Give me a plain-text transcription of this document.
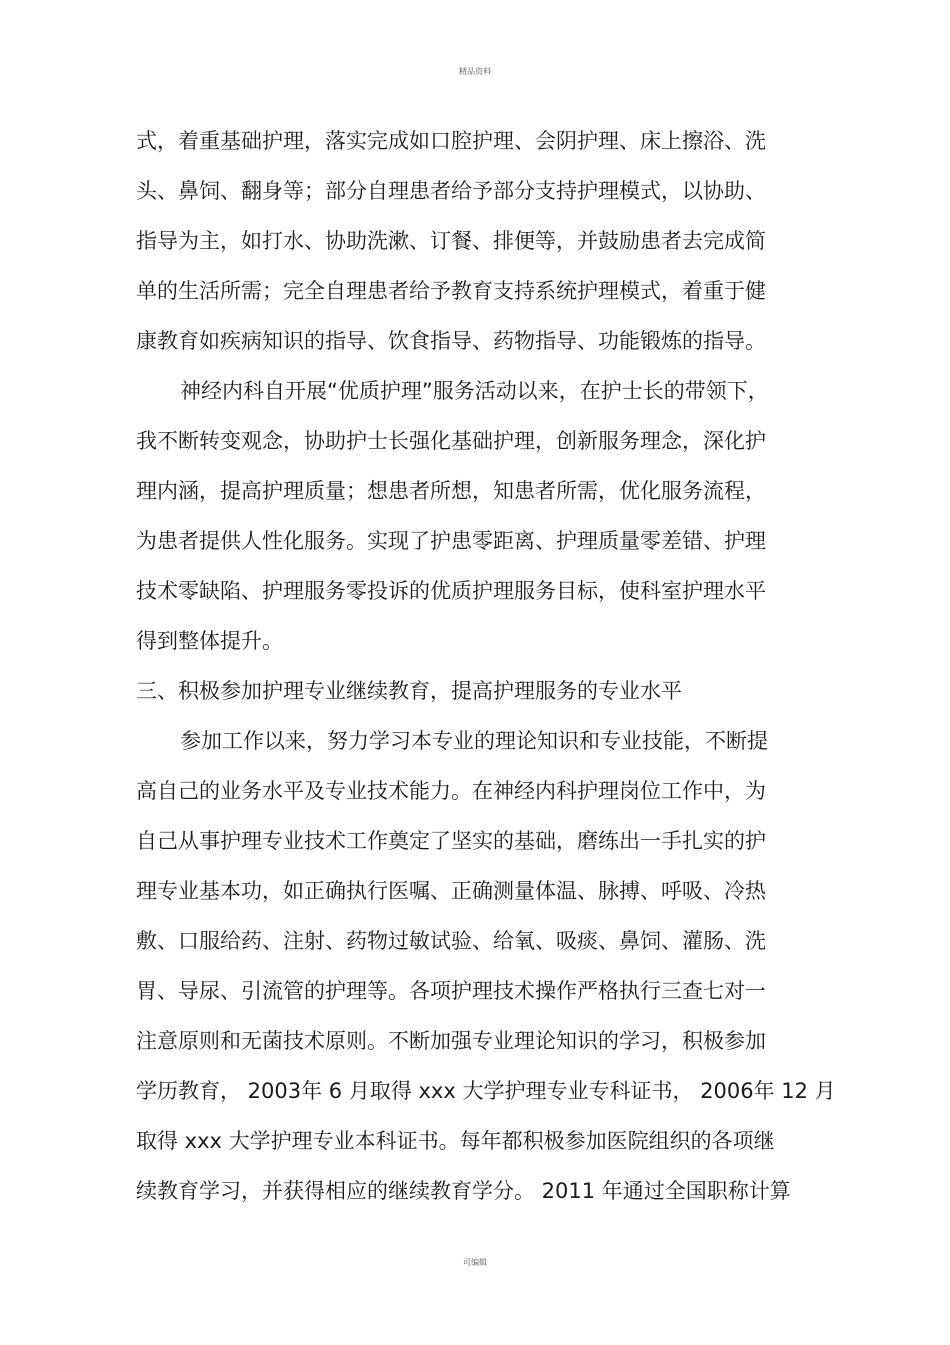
精品资料
式，着重基础护理，落实完成如口腔护理、会阴护理、床上擦浴、洗
头、鼻饲、翻身等；部分自理患者给予部分支持护理模式，以协助、
指导为主，如打水、协助洗漱、订餐、排便等，并鼓励患者去完成简
单的生活所需；完全自理患者给予教育支持系统护理模式，着重于健
康教育如疾病知识的指导、饮食指导、药物指导、功能锻炼的指导。
神经内科自开展“优质护理”服务活动以来，在护士长的带领下，
我不断转变观念，协助护士长强化基础护理，创新服务理念，深化护
理内涵，提高护理质量；想患者所想，知患者所需，优化服务流程，
为患者提供人性化服务。实现了护患零距离、护理质量零差错、护理
技术零缺陷、护理服务零投诉的优质护理服务目标，使科室护理水平
得到整体提升。
三、积极参加护理专业继续教育，提高护理服务的专业水平
参加工作以来，努力学习本专业的理论知识和专业技能，不断提
高自己的业务水平及专业技术能力。在神经内科护理岗位工作中，为
自己从事护理专业技术工作奠定了坚实的基础，磨练出一手扎实的护
理专业基本功，如正确执行医嘱、正确测量体温、脉搏、呼吸、冷热
敷、口服给药、注射、药物过敏试验、给氧、吸痰、鼻饲、灌肠、洗
胃、导尿、引流管的护理等。各项护理技术操作严格执行三查七对一
注意原则和无菌技术原则。不断加强专业理论知识的学习，积极参加
学历教育， 2003年 6 月取得 xxx 大学护理专业专科证书， 2006年 12 月
取得 xxx 大学护理专业本科证书。每年都积极参加医院组织的各项继
续教育学习，并获得相应的继续教育学分。 2011 年通过全国职称计算
可编辑
